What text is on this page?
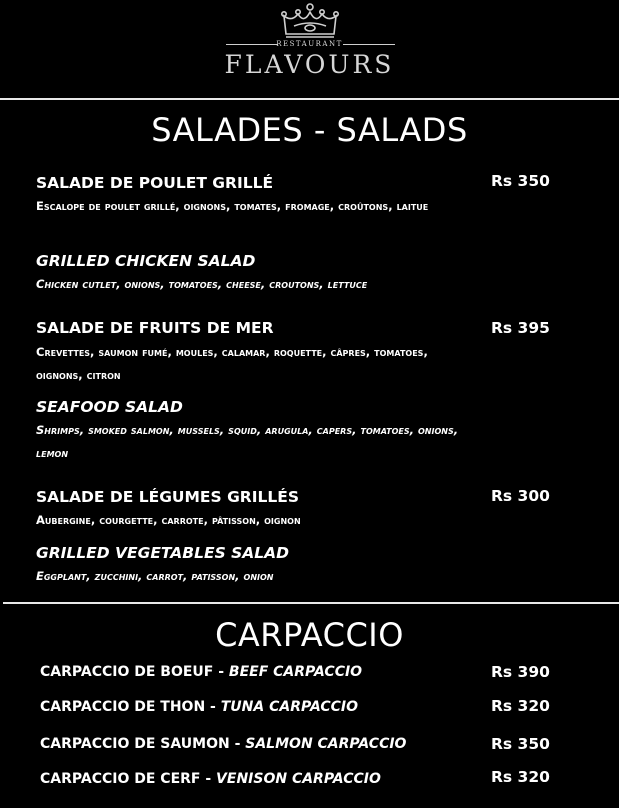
RESTAURANT
FLAVOURS
SALADES - SALADS
SALADE DE POULET GRILLÉ	Rs 350
Escalope de poulet grillé, oignons, tomates, fromage, croûtons, laitue
GRILLED CHICKEN SALAD
Chicken cutlet, onions, tomatoes, cheese, croutons, lettuce
SALADE DE FRUITS DE MER	Rs 395
Crevettes, saumon fumé, moules, calamar, roquette, câpres, tomatoes, oignons, citron
SEAFOOD SALAD
Shrimps, smoked salmon, mussels, squid, arugula, capers, tomatoes, onions, lemon
SALADE DE LÉGUMES GRILLÉS	Rs 300
Aubergine, courgette, carrote, pâtisson, oignon
GRILLED VEGETABLES SALAD
Eggplant, zucchini, carrot, patisson, onion
CARPACCIO
CARPACCIO DE BOEUF - BEEF CARPACCIO	Rs 390
CARPACCIO DE THON - TUNA CARPACCIO	Rs 320
CARPACCIO DE SAUMON - SALMON CARPACCIO	Rs 350
CARPACCIO DE CERF - VENISON CARPACCIO	Rs 320
